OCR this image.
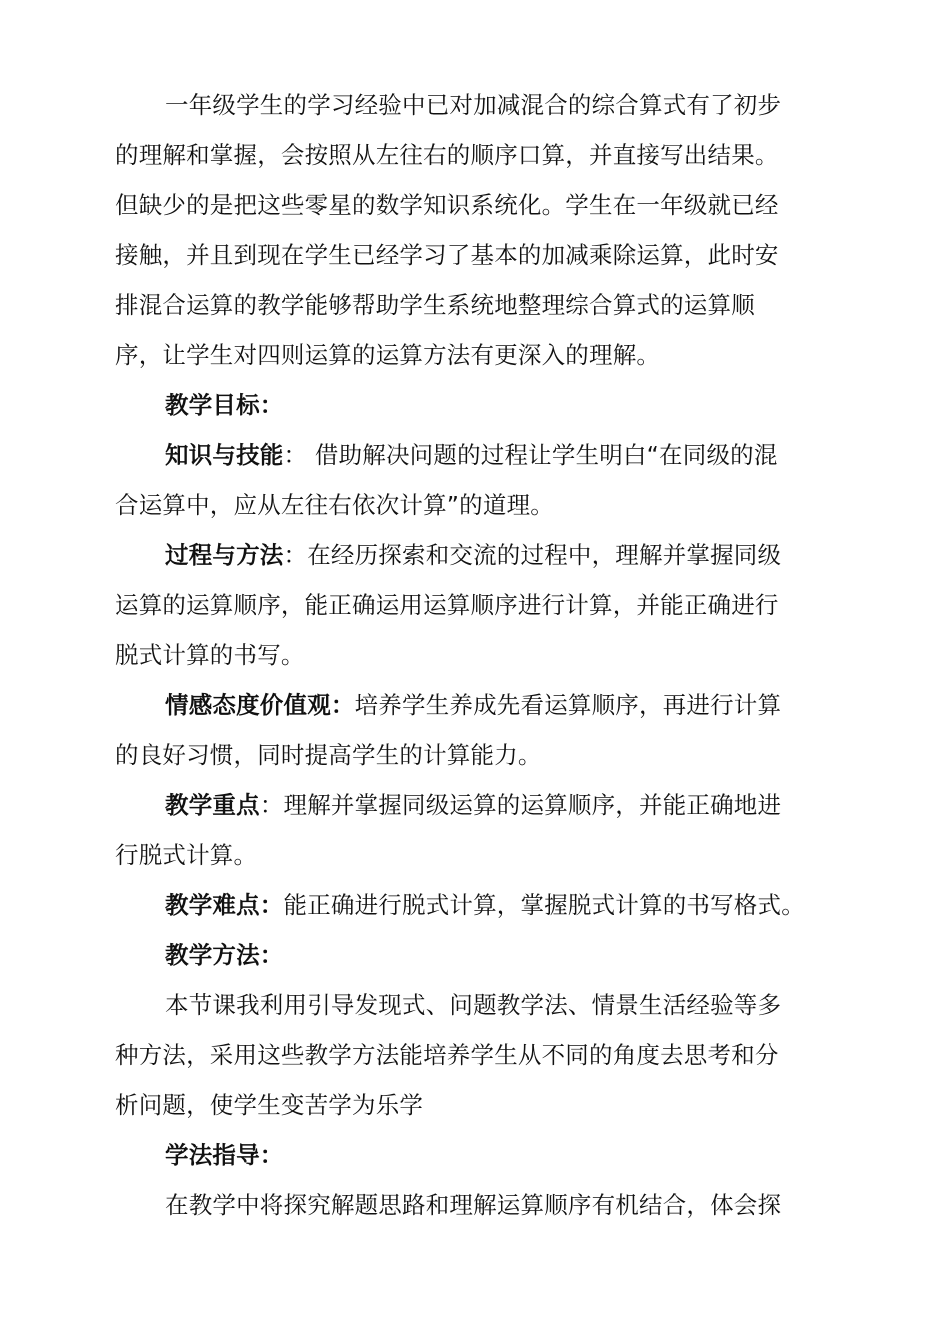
一年级学生的学习经验中已对加减混合的综合算式有了初步
的理解和掌握，会按照从左往右的顺序口算，并直接写出结果。
但缺少的是把这些零星的数学知识系统化。学生在一年级就已经
接触，并且到现在学生已经学习了基本的加减乘除运算，此时安
排混合运算的教学能够帮助学生系统地整理综合算式的运算顺
序，让学生对四则运算的运算方法有更深入的理解。
教学目标：
知识与技能： 借助解决问题的过程让学生明白“在同级的混
合运算中，应从左往右依次计算”的道理。
过程与方法：在经历探索和交流的过程中，理解并掌握同级
运算的运算顺序，能正确运用运算顺序进行计算，并能正确进行
脱式计算的书写。
情感态度价值观：培养学生养成先看运算顺序，再进行计算
的良好习惯，同时提高学生的计算能力。
教学重点：理解并掌握同级运算的运算顺序，并能正确地进
行脱式计算。
教学难点：能正确进行脱式计算，掌握脱式计算的书写格式。
教学方法：
本节课我利用引导发现式、问题教学法、情景生活经验等多
种方法，采用这些教学方法能培养学生从不同的角度去思考和分
析问题，使学生变苦学为乐学
学法指导：
在教学中将探究解题思路和理解运算顺序有机结合，体会探
